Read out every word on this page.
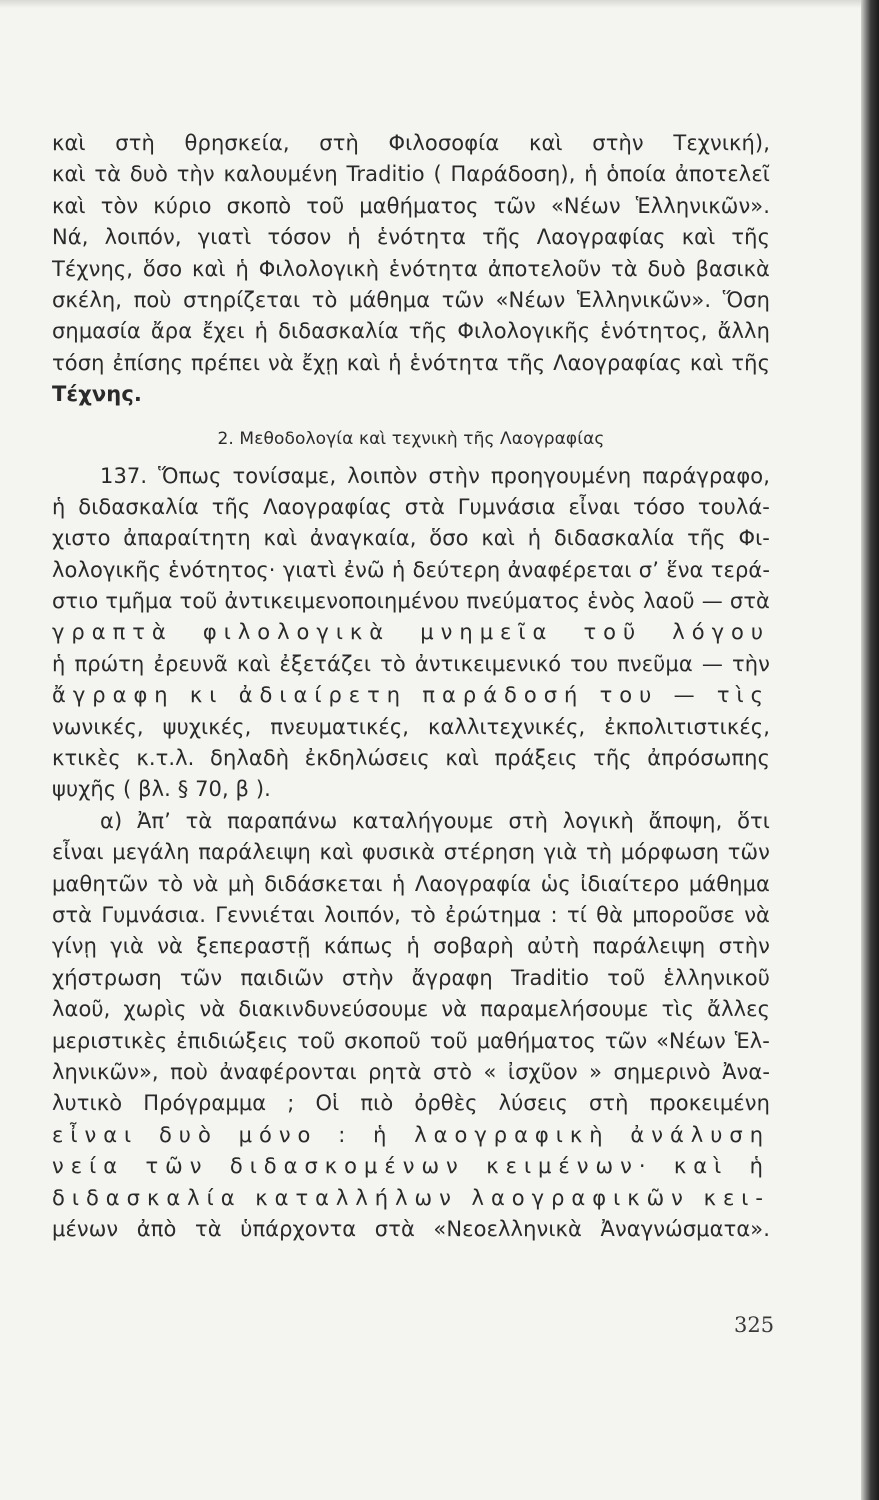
καὶ στὴ θρησκεία, στὴ Φιλοσοφία καὶ στὴν Τεχνική),
καὶ τὰ δυὸ τὴν καλουμένη Traditio ( Παράδοση), ἡ ὁποία ἀποτελεῖ
καὶ τὸν κύριο σκοπὸ τοῦ μαθήματος τῶν «Νέων Ἑλληνικῶν».
Νά, λοιπόν, γιατὶ τόσον ἡ ἑνότητα τῆς Λαογραφίας καὶ τῆς
Τέχνης, ὅσο καὶ ἡ Φιλολογικὴ ἑνότητα ἀποτελοῦν τὰ δυὸ βασικὰ
σκέλη, ποὺ στηρίζεται τὸ μάθημα τῶν «Νέων Ἑλληνικῶν». Ὅση
σημασία ἄρα ἔχει ἡ διδασκαλία τῆς Φιλολογικῆς ἑνότητος, ἄλλη
τόση ἐπίσης πρέπει νὰ ἔχῃ καὶ ἡ ἑνότητα τῆς Λαογραφίας καὶ τῆς
Τέχνης.
2. Μεθοδολογία καὶ τεχνικὴ τῆς Λαογραφίας
137. Ὅπως τονίσαμε, λοιπὸν στὴν προηγουμένη παράγραφο,
ἡ διδασκαλία τῆς Λαογραφίας στὰ Γυμνάσια εἶναι τόσο τουλά-
χιστο ἀπαραίτητη καὶ ἀναγκαία, ὅσο καὶ ἡ διδασκαλία τῆς Φι-
λολογικῆς ἑνότητος· γιατὶ ἐνῶ ἡ δεύτερη ἀναφέρεται σ’ ἕνα τερά-
στιο τμῆμα τοῦ ἀντικειμενοποιημένου πνεύματος ἑνὸς λαοῦ — στὰ
γραπτὰ φιλολογικὰ μνημεῖα τοῦ λόγου
ἡ πρώτη ἐρευνᾶ καὶ ἐξετάζει τὸ ἀντικειμενικό του πνεῦμα — τὴν
ἄγραφη κι ἀδιαίρετη παράδοσή του — τὶς
νωνικές, ψυχικές, πνευματικές, καλλιτεχνικές, ἐκπολιτιστικές,
κτικὲς κ.τ.λ. δηλαδὴ ἐκδηλώσεις καὶ πράξεις τῆς ἀπρόσωπης
ψυχῆς ( βλ. § 70, β ).
α) Ἀπ’ τὰ παραπάνω καταλήγουμε στὴ λογικὴ ἄποψη, ὅτι
εἶναι μεγάλη παράλειψη καὶ φυσικὰ στέρηση γιὰ τὴ μόρφωση τῶν
μαθητῶν τὸ νὰ μὴ διδάσκεται ἡ Λαογραφία ὡς ἰδιαίτερο μάθημα
στὰ Γυμνάσια. Γεννιέται λοιπόν, τὸ ἐρώτημα : τί θὰ μποροῦσε νὰ
γίνῃ γιὰ νὰ ξεπεραστῇ κάπως ἡ σοβαρὴ αὐτὴ παράλειψη στὴν
χήστρωση τῶν παιδιῶν στὴν ἄγραφη Traditio τοῦ ἑλληνικοῦ
λαοῦ, χωρὶς νὰ διακινδυνεύσουμε νὰ παραμελήσουμε τὶς ἄλλες
μεριστικὲς ἐπιδιώξεις τοῦ σκοποῦ τοῦ μαθήματος τῶν «Νέων Ἑλ-
ληνικῶν», ποὺ ἀναφέρονται ρητὰ στὸ « ἰσχῦον » σημερινὸ Ἀνα-
λυτικὸ Πρόγραμμα ; Οἱ πιὸ ὀρθὲς λύσεις στὴ προκειμένη
εἶναι δυὸ μόνο : ἡ λαογραφικὴ ἀνάλυση
νεία τῶν διδασκομένων κειμένων· καὶ ἡ
διδασκαλία καταλλήλων λαογραφικῶν κει-
μένων ἀπὸ τὰ ὑπάρχοντα στὰ «Νεοελληνικὰ Ἀναγνώσματα».
325
